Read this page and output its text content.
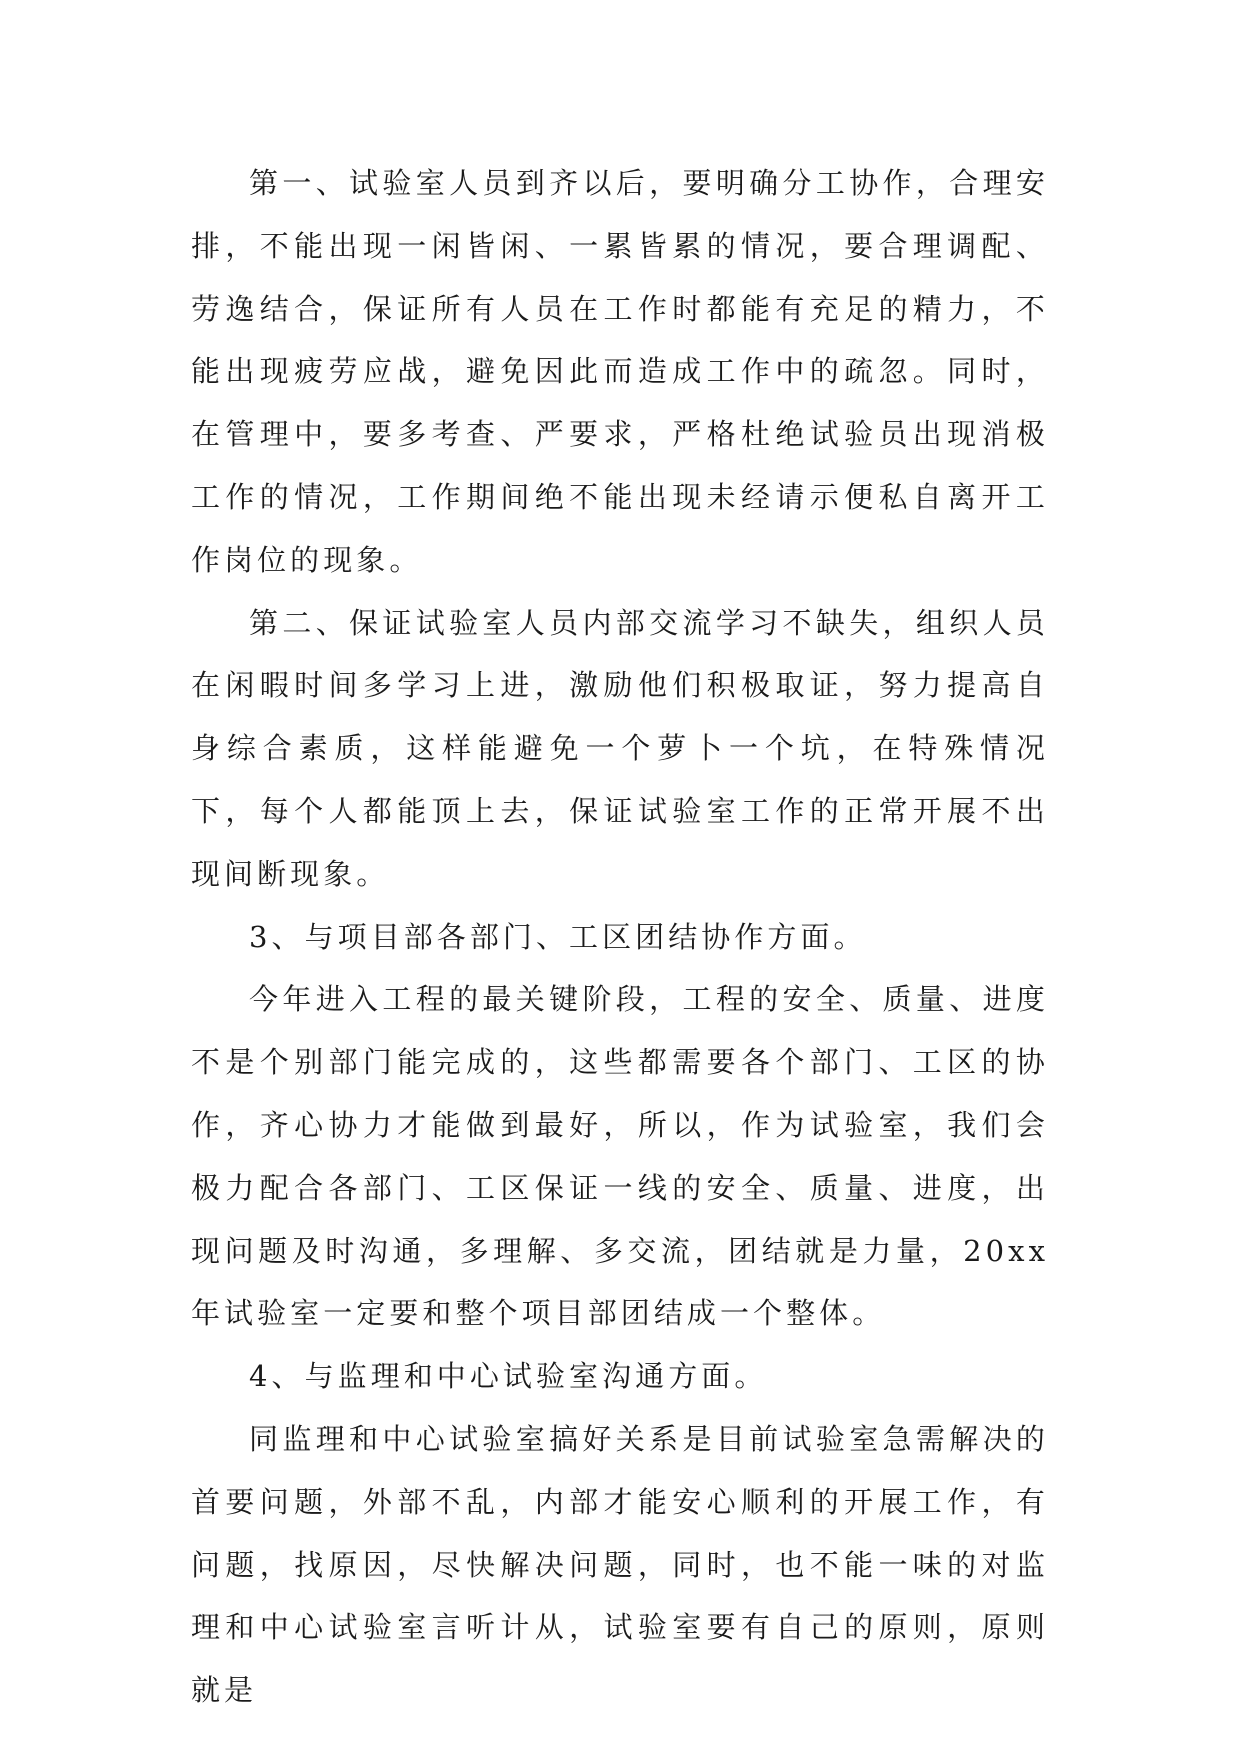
第一、试验室人员到齐以后，要明确分工协作，合理安排，不能出现一闲皆闲、一累皆累的情况，要合理调配、劳逸结合，保证所有人员在工作时都能有充足的精力，不能出现疲劳应战，避免因此而造成工作中的疏忽。同时，在管理中，要多考查、严要求，严格杜绝试验员出现消极工作的情况，工作期间绝不能出现未经请示便私自离开工作岗位的现象。

第二、保证试验室人员内部交流学习不缺失，组织人员在闲暇时间多学习上进，激励他们积极取证，努力提高自身综合素质，这样能避免一个萝卜一个坑，在特殊情况下，每个人都能顶上去，保证试验室工作的正常开展不出现间断现象。

3、与项目部各部门、工区团结协作方面。

今年进入工程的最关键阶段，工程的安全、质量、进度不是个别部门能完成的，这些都需要各个部门、工区的协作，齐心协力才能做到最好，所以，作为试验室，我们会极力配合各部门、工区保证一线的安全、质量、进度，出现问题及时沟通，多理解、多交流，团结就是力量，20xx年试验室一定要和整个项目部团结成一个整体。

4、与监理和中心试验室沟通方面。

同监理和中心试验室搞好关系是目前试验室急需解决的首要问题，外部不乱，内部才能安心顺利的开展工作，有问题，找原因，尽快解决问题，同时，也不能一味的对监理和中心试验室言听计从，试验室要有自己的原则，原则就是
